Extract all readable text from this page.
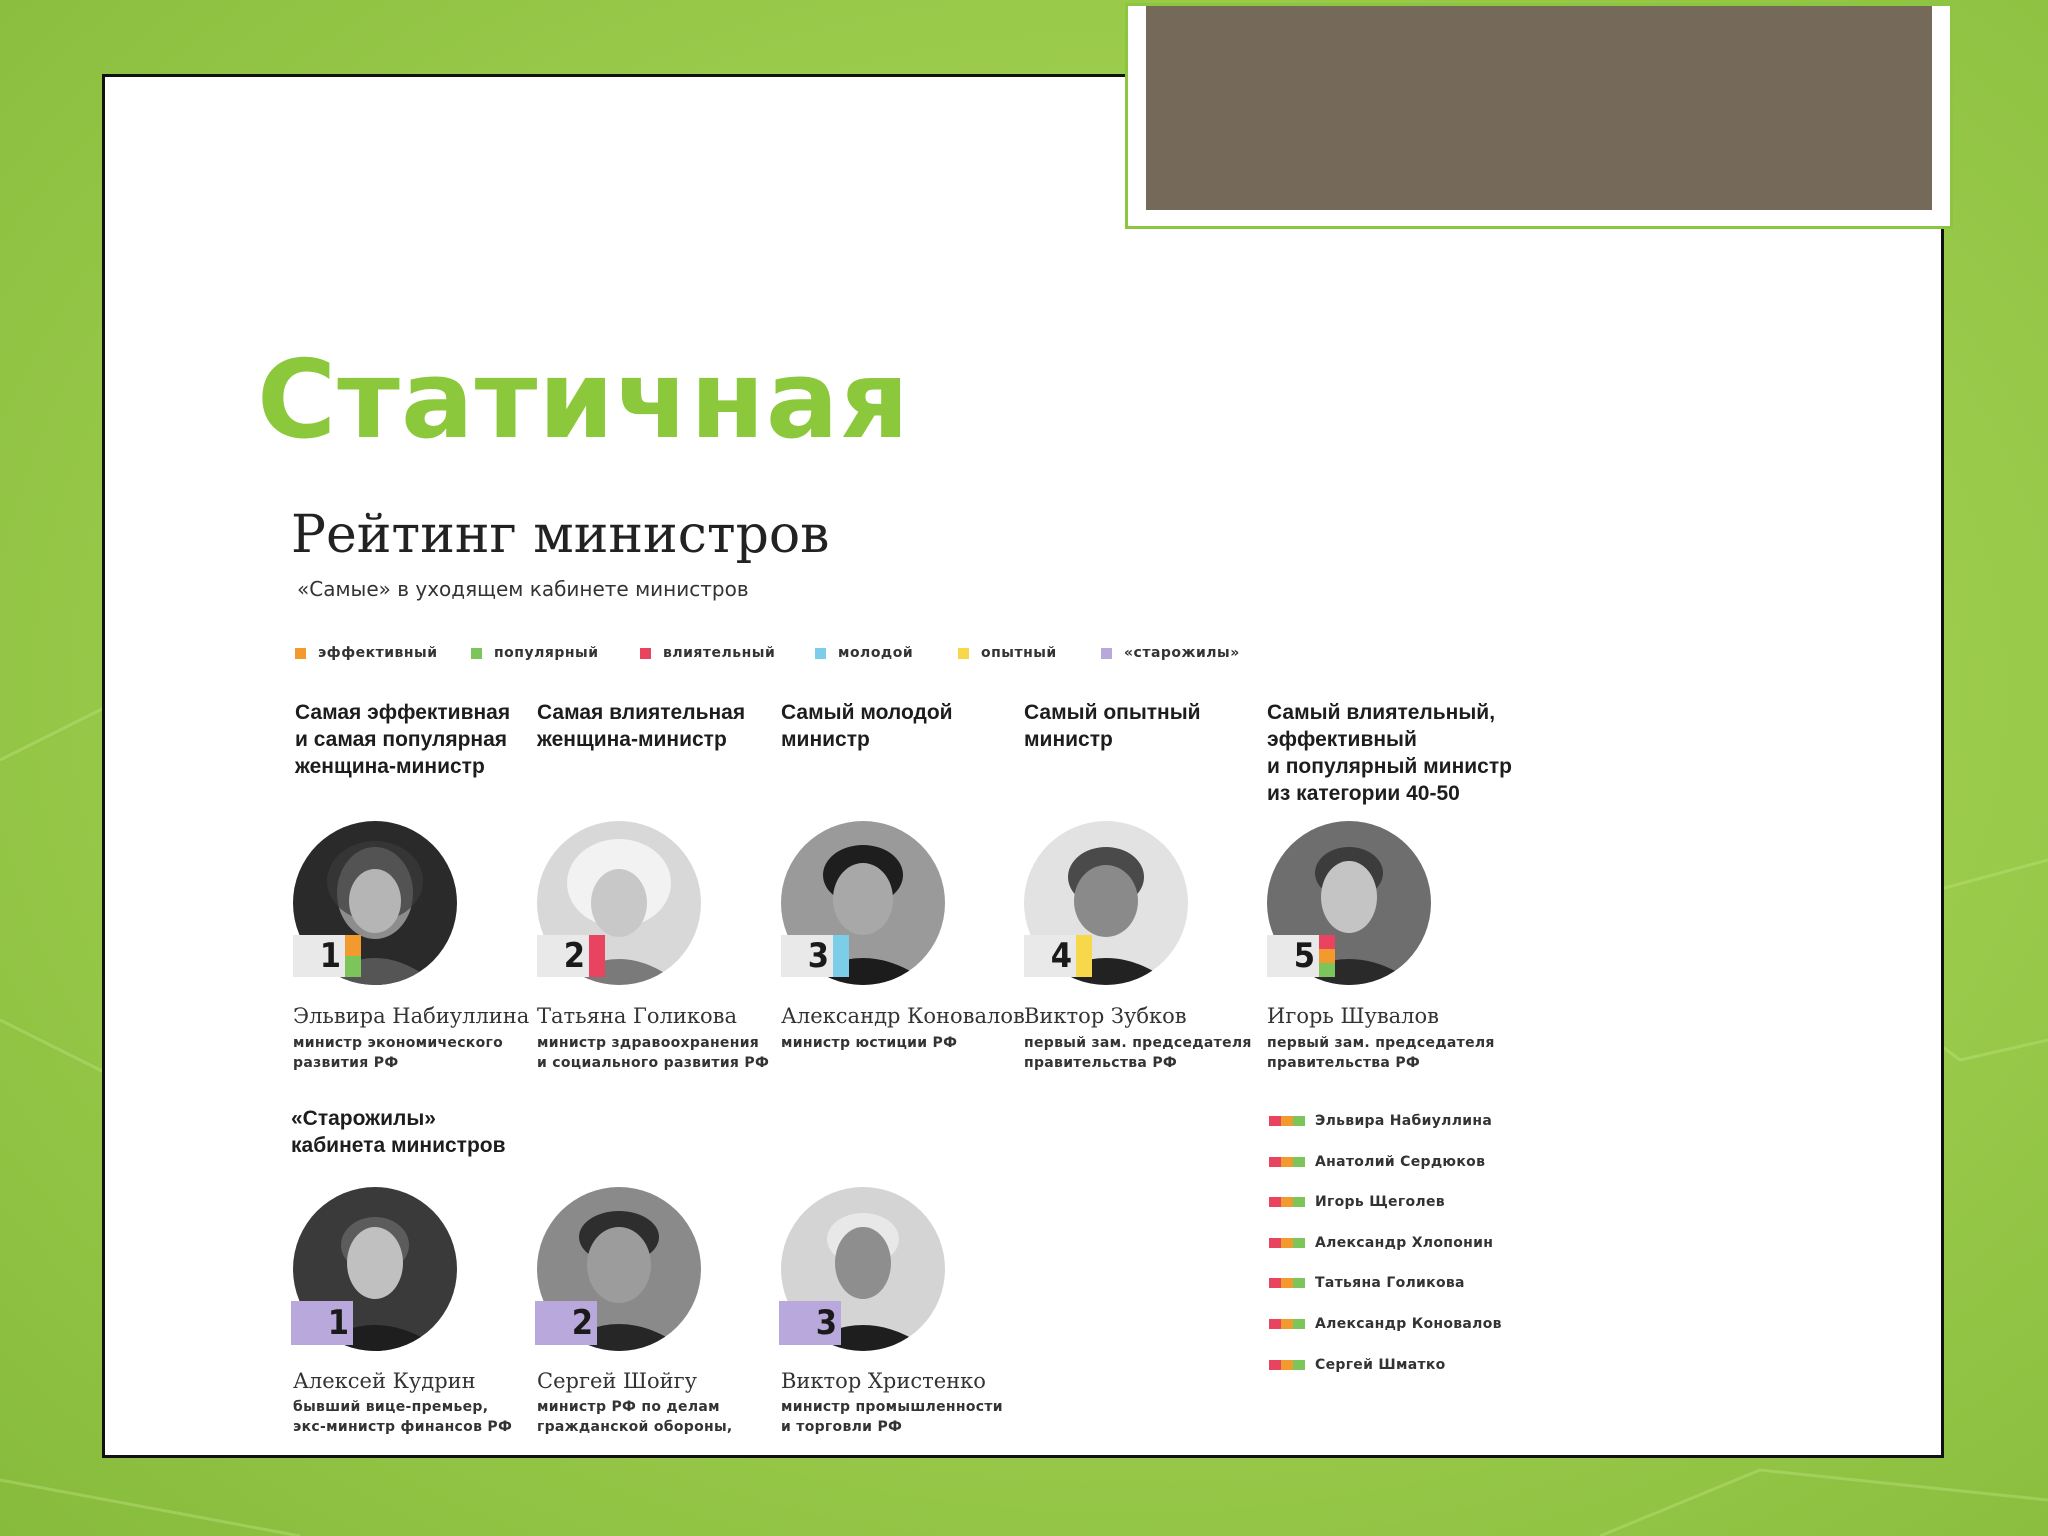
Статичная
Рейтинг министров
«Самые» в уходящем кабинете министров
эффективный	популярный	влиятельный	молодой	опытный	«старожилы»
Самая эффективная
и самая популярная
женщина-министр
Самая влиятельная
женщина-министр
Самый молодой
министр
Самый опытный
министр
Самый влиятельный,
эффективный
и популярный министр
из категории 40-50
1
Эльвира Набиуллина
министр экономического
развития РФ
2
Татьяна Голикова
министр здравоохранения
и социального развития РФ
3
Александр Коновалов
министр юстиции РФ
4
Виктор Зубков
первый зам. председателя
правительства РФ
5
Игорь Шувалов
первый зам. председателя
правительства РФ
«Старожилы»
кабинета министров
1
Алексей Кудрин
бывший вице-премьер,
экс-министр финансов РФ
2
Сергей Шойгу
министр РФ по делам
гражданской обороны,
3
Виктор Христенко
министр промышленности
и торговли РФ
Эльвира Набиуллина
Анатолий Сердюков
Игорь Щеголев
Александр Хлопонин
Татьяна Голикова
Александр Коновалов
Сергей Шматко
